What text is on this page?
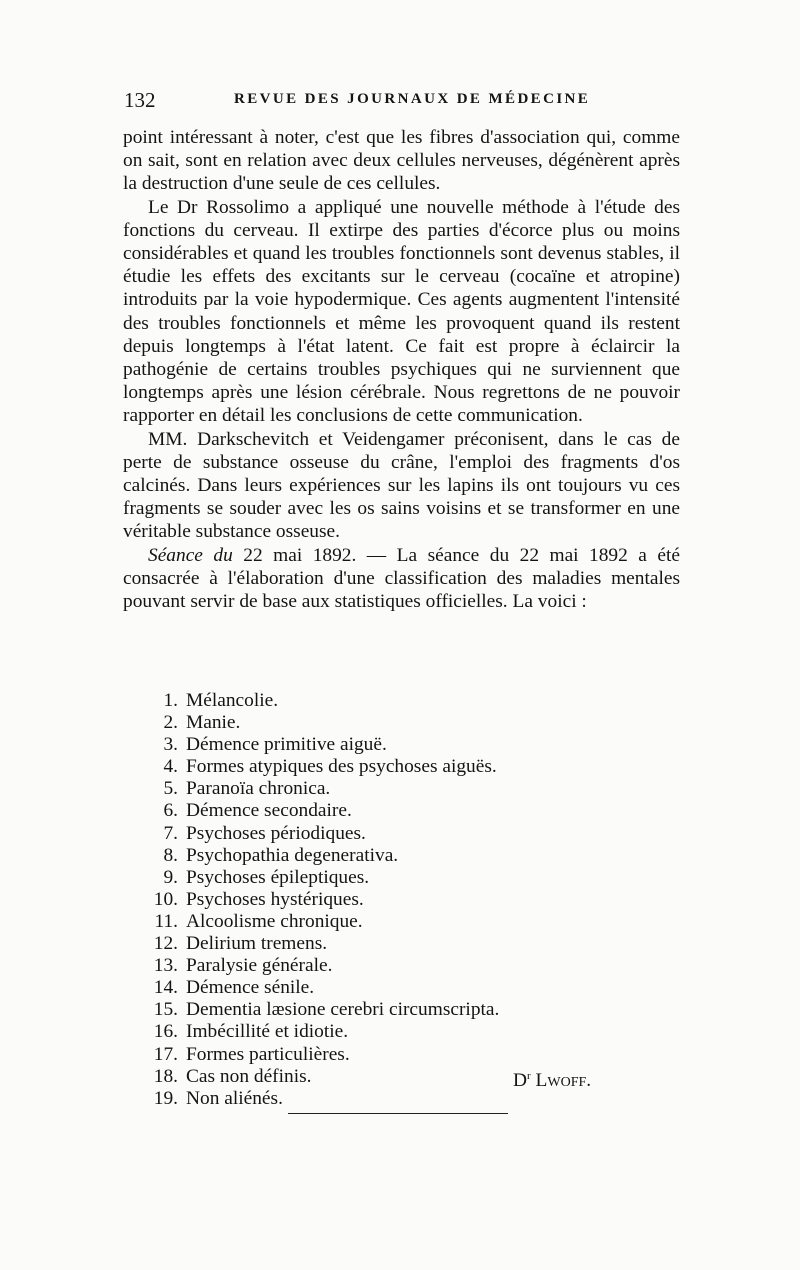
132	REVUE DES JOURNAUX DE MÉDECINE

point intéressant à noter, c'est que les fibres d'association qui, comme on sait, sont en relation avec deux cellules nerveuses, dégénèrent après la destruction d'une seule de ces cellules.

Le Dr Rossolimo a appliqué une nouvelle méthode à l'étude des fonctions du cerveau. Il extirpe des parties d'écorce plus ou moins considérables et quand les troubles fonctionnels sont devenus stables, il étudie les effets des excitants sur le cerveau (cocaïne et atropine) introduits par la voie hypodermique. Ces agents augmentent l'intensité des troubles fonctionnels et même les provoquent quand ils restent depuis longtemps à l'état latent. Ce fait est propre à éclaircir la pathogénie de certains troubles psychiques qui ne surviennent que longtemps après une lésion cérébrale. Nous regrettons de ne pouvoir rapporter en détail les conclusions de cette communication.

MM. Darkschevitch et Veidengamer préconisent, dans le cas de perte de substance osseuse du crâne, l'emploi des fragments d'os calcinés. Dans leurs expériences sur les lapins ils ont toujours vu ces fragments se souder avec les os sains voisins et se transformer en une véritable substance osseuse.

Séance du 22 mai 1892. — La séance du 22 mai 1892 a été consacrée à l'élaboration d'une classification des maladies mentales pouvant servir de base aux statistiques officielles. La voici :

1. Mélancolie.
2. Manie.
3. Démence primitive aiguë.
4. Formes atypiques des psychoses aiguës.
5. Paranoïa chronica.
6. Démence secondaire.
7. Psychoses périodiques.
8. Psychopathia degenerativa.
9. Psychoses épileptiques.
10. Psychoses hystériques.
11. Alcoolisme chronique.
12. Delirium tremens.
13. Paralysie générale.
14. Démence sénile.
15. Dementia læsione cerebri circumscripta.
16. Imbécillité et idiotie.
17. Formes particulières.
18. Cas non définis.
19. Non aliénés.
$D^r$ Lwoff.
